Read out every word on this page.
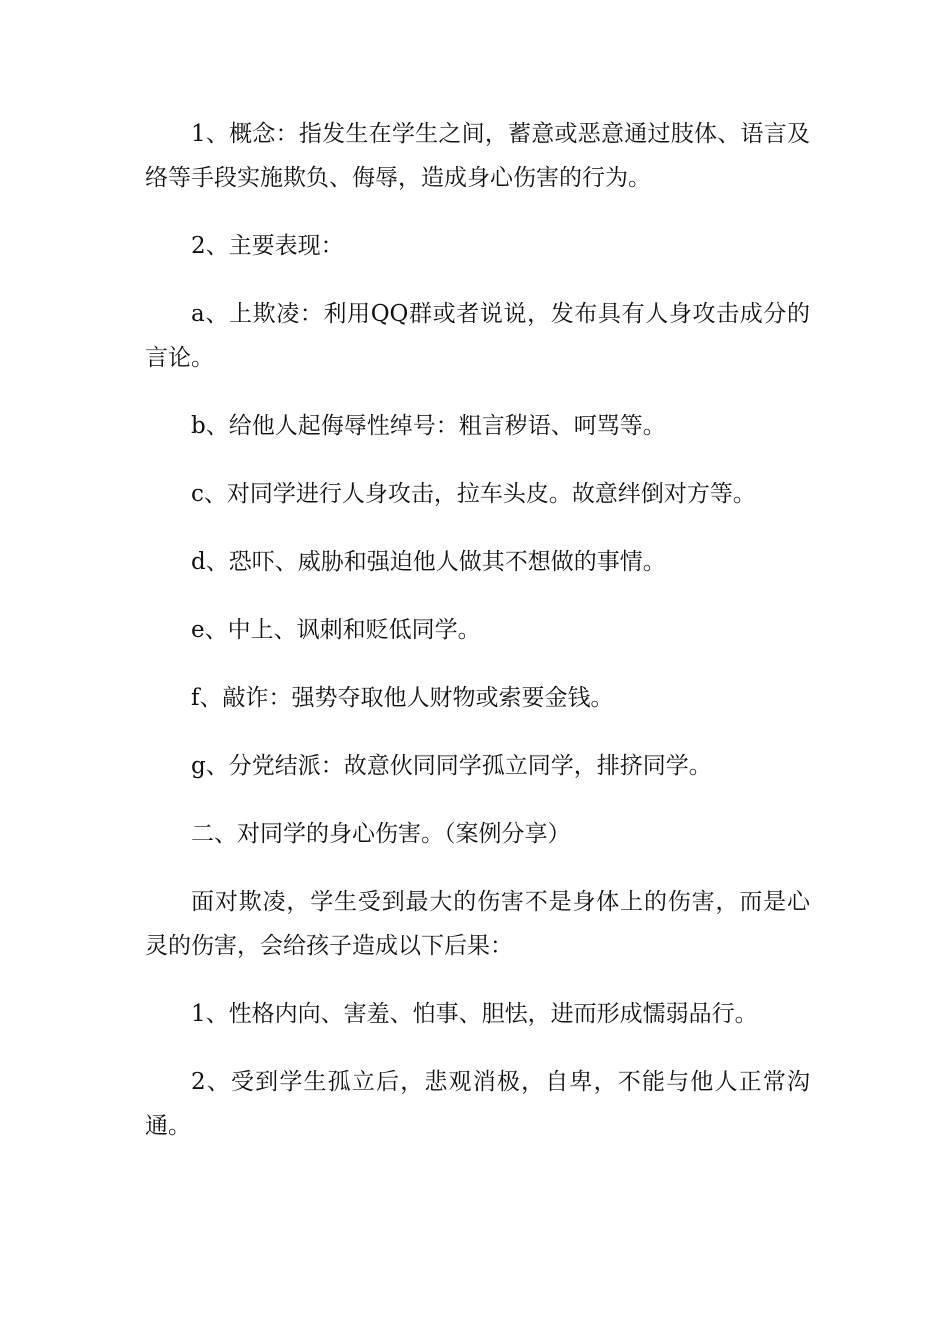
1、概念：指发生在学生之间，蓄意或恶意通过肢体、语言及络等手段实施欺负、侮辱，造成身心伤害的行为。

2、主要表现：

a、上欺凌：利用QQ群或者说说，发布具有人身攻击成分的言论。

b、给他人起侮辱性绰号：粗言秽语、呵骂等。

c、对同学进行人身攻击，拉车头皮。故意绊倒对方等。

d、恐吓、威胁和强迫他人做其不想做的事情。

e、中上、讽刺和贬低同学。

f、敲诈：强势夺取他人财物或索要金钱。

g、分党结派：故意伙同同学孤立同学，排挤同学。

二、对同学的身心伤害。（案例分享）

面对欺凌，学生受到最大的伤害不是身体上的伤害，而是心灵的伤害，会给孩子造成以下后果：

1、性格内向、害羞、怕事、胆怯，进而形成懦弱品行。

2、受到学生孤立后，悲观消极，自卑，不能与他人正常沟通。
